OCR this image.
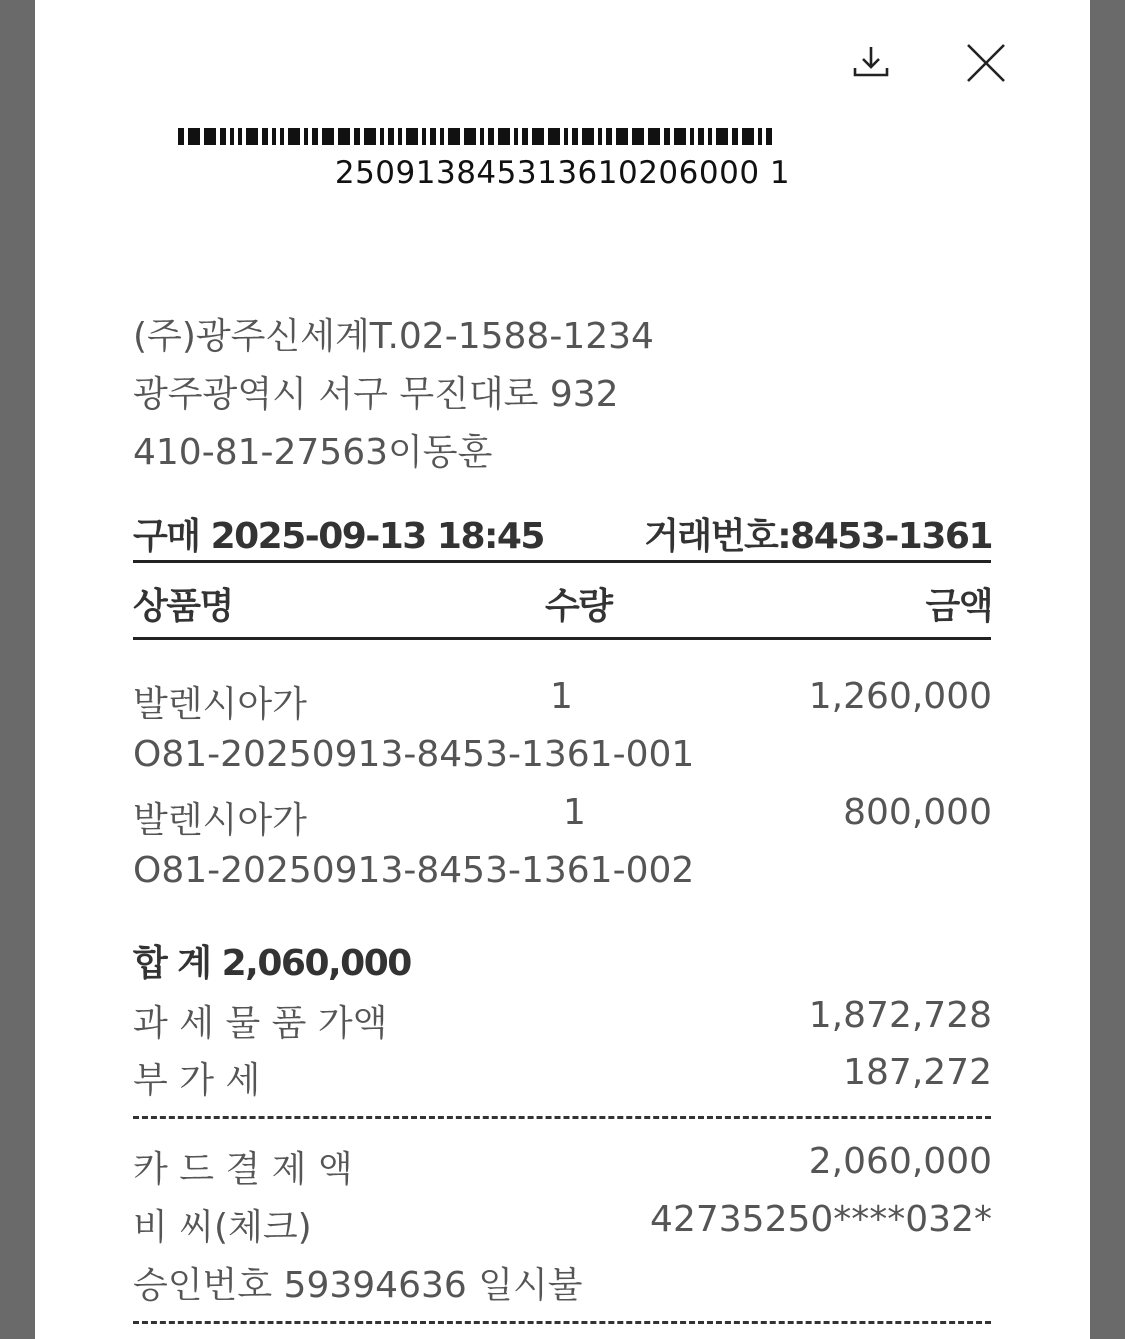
250913845313610206000 1
(주)광주신세계T.02-1588-1234
광주광역시 서구 무진대로 932
410-81-27563이동훈
구매 2025-09-13 18:45	거래번호:8453-1361
상품명	수량	금액
발렌시아가	1	1,260,000
O81-20250913-8453-1361-001
발렌시아가	1	800,000
O81-20250913-8453-1361-002
합 계 2,060,000
과 세 물 품 가액	1,872,728
부 가 세	187,272
카 드 결 제 액	2,060,000
비 씨(체크)	42735250****032*
승인번호 59394636 일시불
